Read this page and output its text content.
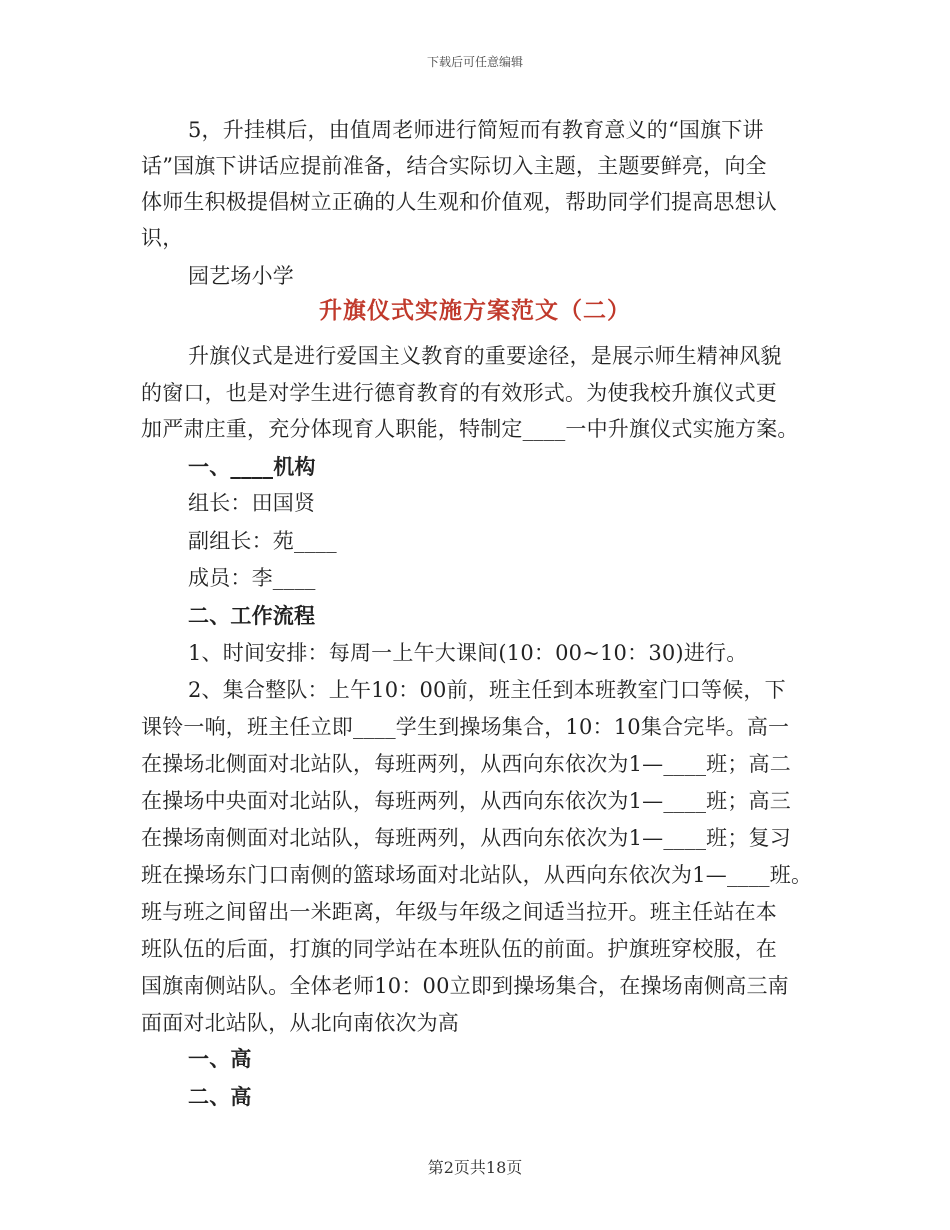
下载后可任意编辑
5，升挂棋后，由值周老师进行简短而有教育意义的“国旗下讲
话”国旗下讲话应提前准备，结合实际切入主题，主题要鲜亮，向全
体师生积极提倡树立正确的人生观和价值观，帮助同学们提高思想认
识，
园艺场小学
升旗仪式实施方案范文（二）
升旗仪式是进行爱国主义教育的重要途径，是展示师生精神风貌
的窗口，也是对学生进行德育教育的有效形式。为使我校升旗仪式更
加严肃庄重，充分体现育人职能，特制定____一中升旗仪式实施方案。
一、____机构
组长：田国贤
副组长：苑____
成员：李____
二、工作流程
1、时间安排：每周一上午大课间(10：00~10：30)进行。
2、集合整队：上午10：00前，班主任到本班教室门口等候，下
课铃一响，班主任立即____学生到操场集合，10：10集合完毕。高一
在操场北侧面对北站队，每班两列，从西向东依次为1—____班；高二
在操场中央面对北站队，每班两列，从西向东依次为1—____班；高三
在操场南侧面对北站队，每班两列，从西向东依次为1—____班；复习
班在操场东门口南侧的篮球场面对北站队，从西向东依次为1—____班。
班与班之间留出一米距离，年级与年级之间适当拉开。班主任站在本
班队伍的后面，打旗的同学站在本班队伍的前面。护旗班穿校服，在
国旗南侧站队。全体老师10：00立即到操场集合，在操场南侧高三南
面面对北站队，从北向南依次为高
一、高
二、高
第2页共18页
